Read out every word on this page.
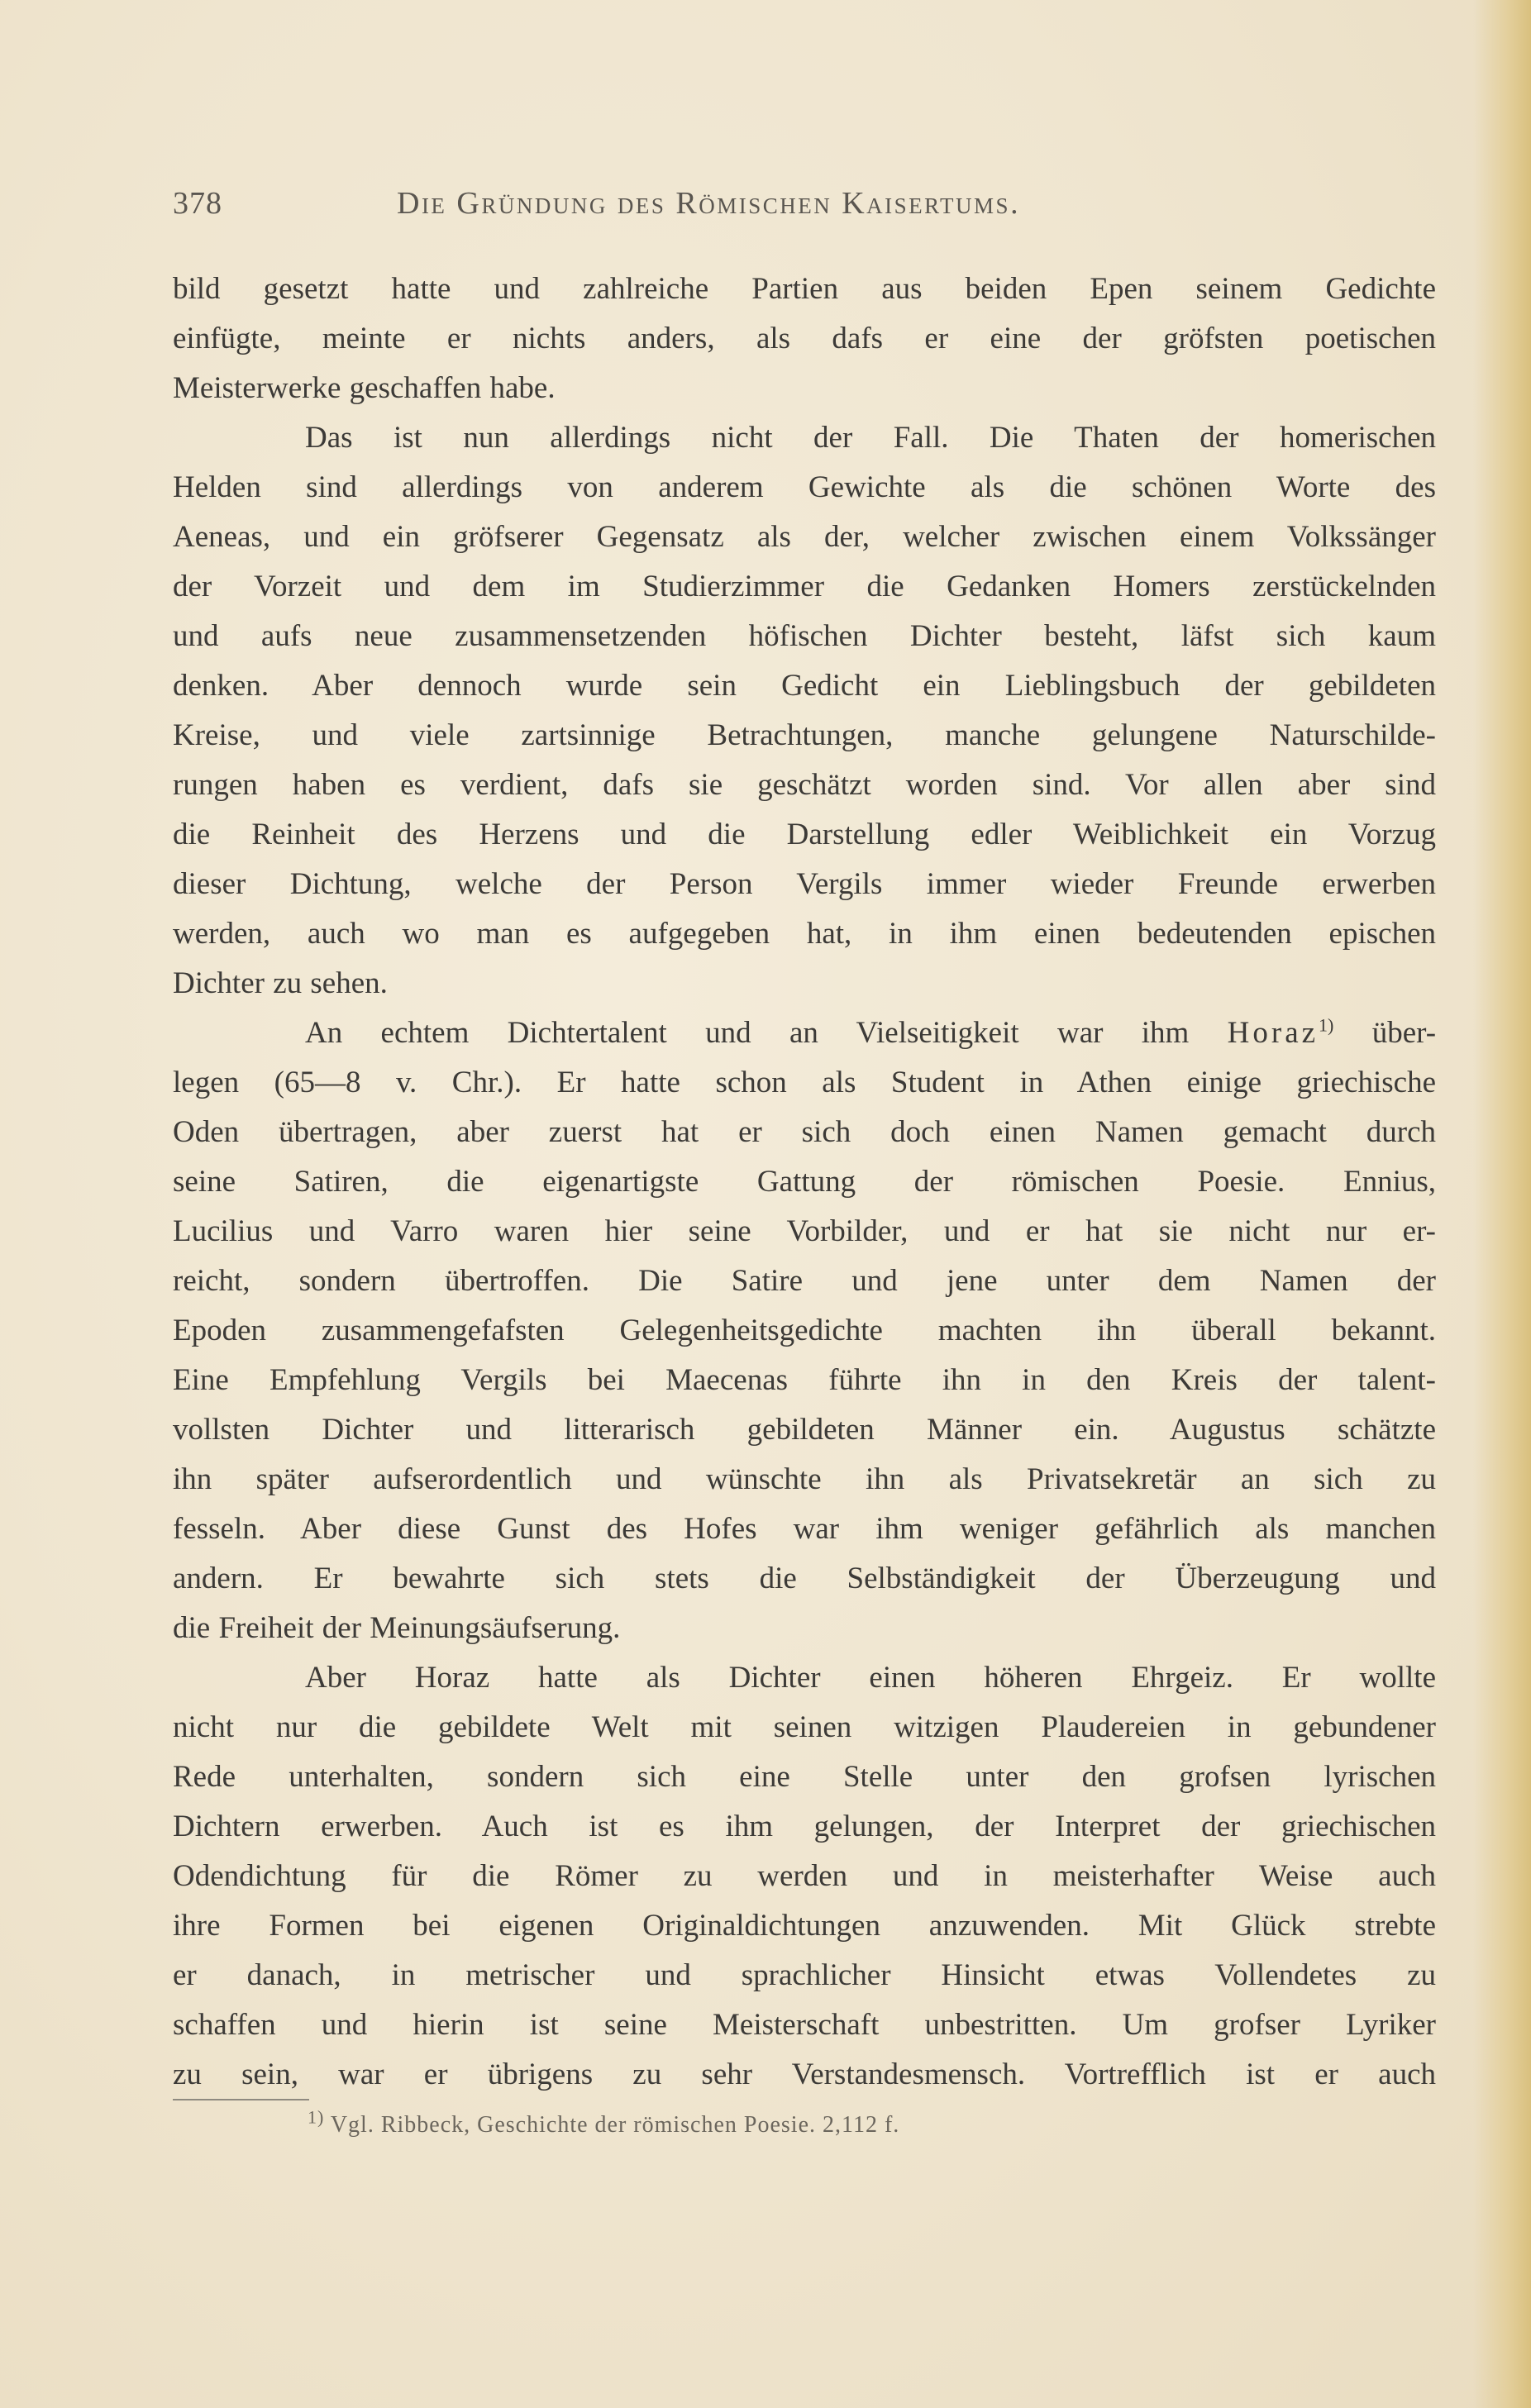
378	Die Gründung des Römischen Kaisertums.
bild gesetzt hatte und zahlreiche Partien aus beiden Epen seinem Gedichte
einfügte, meinte er nichts anders, als dafs er eine der gröfsten poetischen
Meisterwerke geschaffen habe.
Das ist nun allerdings nicht der Fall. Die Thaten der homerischen
Helden sind allerdings von anderem Gewichte als die schönen Worte des
Aeneas, und ein gröfserer Gegensatz als der, welcher zwischen einem Volkssänger
der Vorzeit und dem im Studierzimmer die Gedanken Homers zerstückelnden
und aufs neue zusammensetzenden höfischen Dichter besteht, läfst sich kaum
denken. Aber dennoch wurde sein Gedicht ein Lieblingsbuch der gebildeten
Kreise, und viele zartsinnige Betrachtungen, manche gelungene Naturschilde-
rungen haben es verdient, dafs sie geschätzt worden sind. Vor allen aber sind
die Reinheit des Herzens und die Darstellung edler Weiblichkeit ein Vorzug
dieser Dichtung, welche der Person Vergils immer wieder Freunde erwerben
werden, auch wo man es aufgegeben hat, in ihm einen bedeutenden epischen
Dichter zu sehen.
An echtem Dichtertalent und an Vielseitigkeit war ihm Horaz$^{1)}$ über-
legen (65—8 v. Chr.). Er hatte schon als Student in Athen einige griechische
Oden übertragen, aber zuerst hat er sich doch einen Namen gemacht durch
seine Satiren, die eigenartigste Gattung der römischen Poesie. Ennius,
Lucilius und Varro waren hier seine Vorbilder, und er hat sie nicht nur er-
reicht, sondern übertroffen. Die Satire und jene unter dem Namen der
Epoden zusammengefafsten Gelegenheitsgedichte machten ihn überall bekannt.
Eine Empfehlung Vergils bei Maecenas führte ihn in den Kreis der talent-
vollsten Dichter und litterarisch gebildeten Männer ein. Augustus schätzte
ihn später aufserordentlich und wünschte ihn als Privatsekretär an sich zu
fesseln. Aber diese Gunst des Hofes war ihm weniger gefährlich als manchen
andern. Er bewahrte sich stets die Selbständigkeit der Überzeugung und
die Freiheit der Meinungsäufserung.
Aber Horaz hatte als Dichter einen höheren Ehrgeiz. Er wollte
nicht nur die gebildete Welt mit seinen witzigen Plaudereien in gebundener
Rede unterhalten, sondern sich eine Stelle unter den grofsen lyrischen
Dichtern erwerben. Auch ist es ihm gelungen, der Interpret der griechischen
Odendichtung für die Römer zu werden und in meisterhafter Weise auch
ihre Formen bei eigenen Originaldichtungen anzuwenden. Mit Glück strebte
er danach, in metrischer und sprachlicher Hinsicht etwas Vollendetes zu
schaffen und hierin ist seine Meisterschaft unbestritten. Um grofser Lyriker
zu sein, war er übrigens zu sehr Verstandesmensch. Vortrefflich ist er auch
$^{1)}$ Vgl. Ribbeck, Geschichte der römischen Poesie. 2,112 f.
